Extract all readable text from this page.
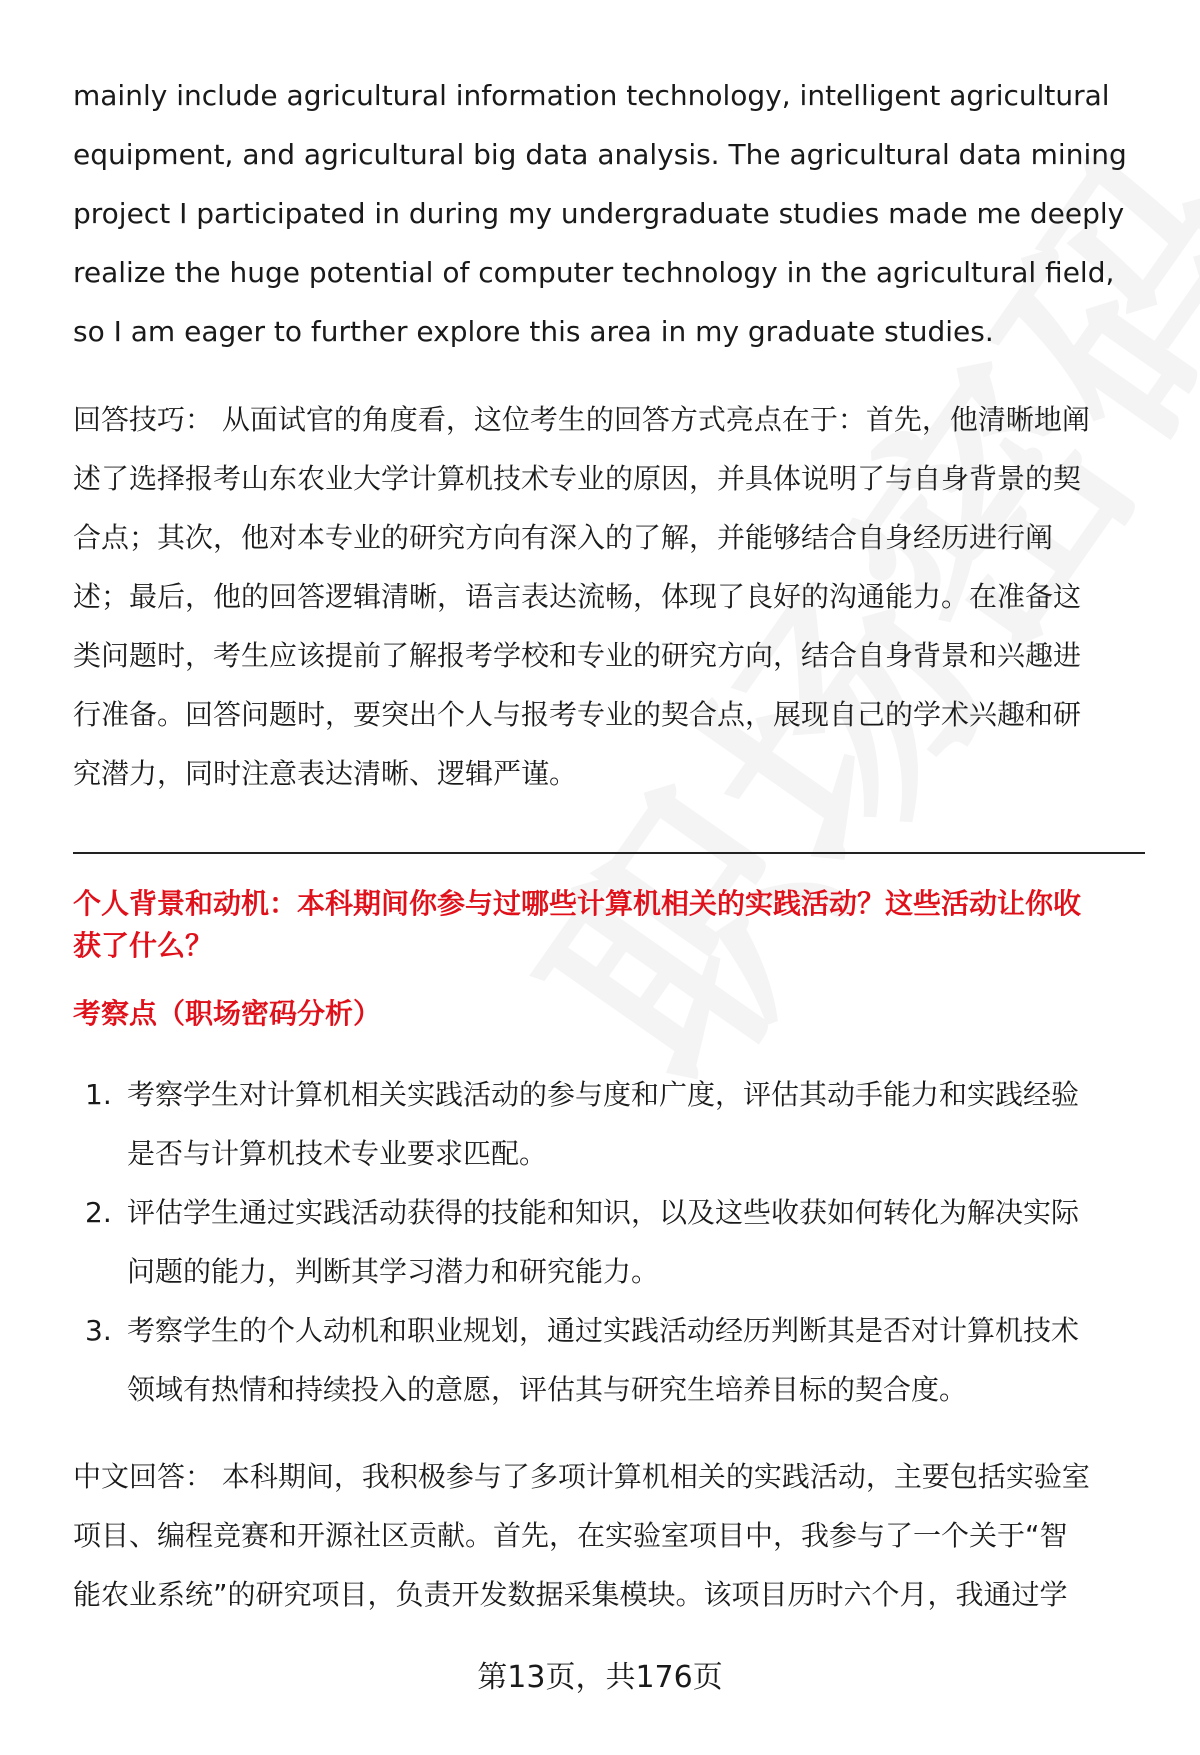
mainly include agricultural information technology, intelligent agricultural
equipment, and agricultural big data analysis. The agricultural data mining
project I participated in during my undergraduate studies made me deeply
realize the huge potential of computer technology in the agricultural field,
so I am eager to further explore this area in my graduate studies.
回答技巧： 从面试官的角度看，这位考生的回答方式亮点在于：首先，他清晰地阐
述了选择报考山东农业大学计算机技术专业的原因，并具体说明了与自身背景的契
合点；其次，他对本专业的研究方向有深入的了解，并能够结合自身经历进行阐
述；最后，他的回答逻辑清晰，语言表达流畅，体现了良好的沟通能力。在准备这
类问题时，考生应该提前了解报考学校和专业的研究方向，结合自身背景和兴趣进
行准备。回答问题时，要突出个人与报考专业的契合点，展现自己的学术兴趣和研
究潜力，同时注意表达清晰、逻辑严谨。
个人背景和动机：本科期间你参与过哪些计算机相关的实践活动？这些活动让你收
获了什么？
考察点（职场密码分析）
1. 考察学生对计算机相关实践活动的参与度和广度，评估其动手能力和实践经验
是否与计算机技术专业要求匹配。
2. 评估学生通过实践活动获得的技能和知识，以及这些收获如何转化为解决实际
问题的能力，判断其学习潜力和研究能力。
3. 考察学生的个人动机和职业规划，通过实践活动经历判断其是否对计算机技术
领域有热情和持续投入的意愿，评估其与研究生培养目标的契合度。
中文回答： 本科期间，我积极参与了多项计算机相关的实践活动，主要包括实验室
项目、编程竞赛和开源社区贡献。首先，在实验室项目中，我参与了一个关于“智
能农业系统”的研究项目，负责开发数据采集模块。该项目历时六个月，我通过学
第13页，共176页
